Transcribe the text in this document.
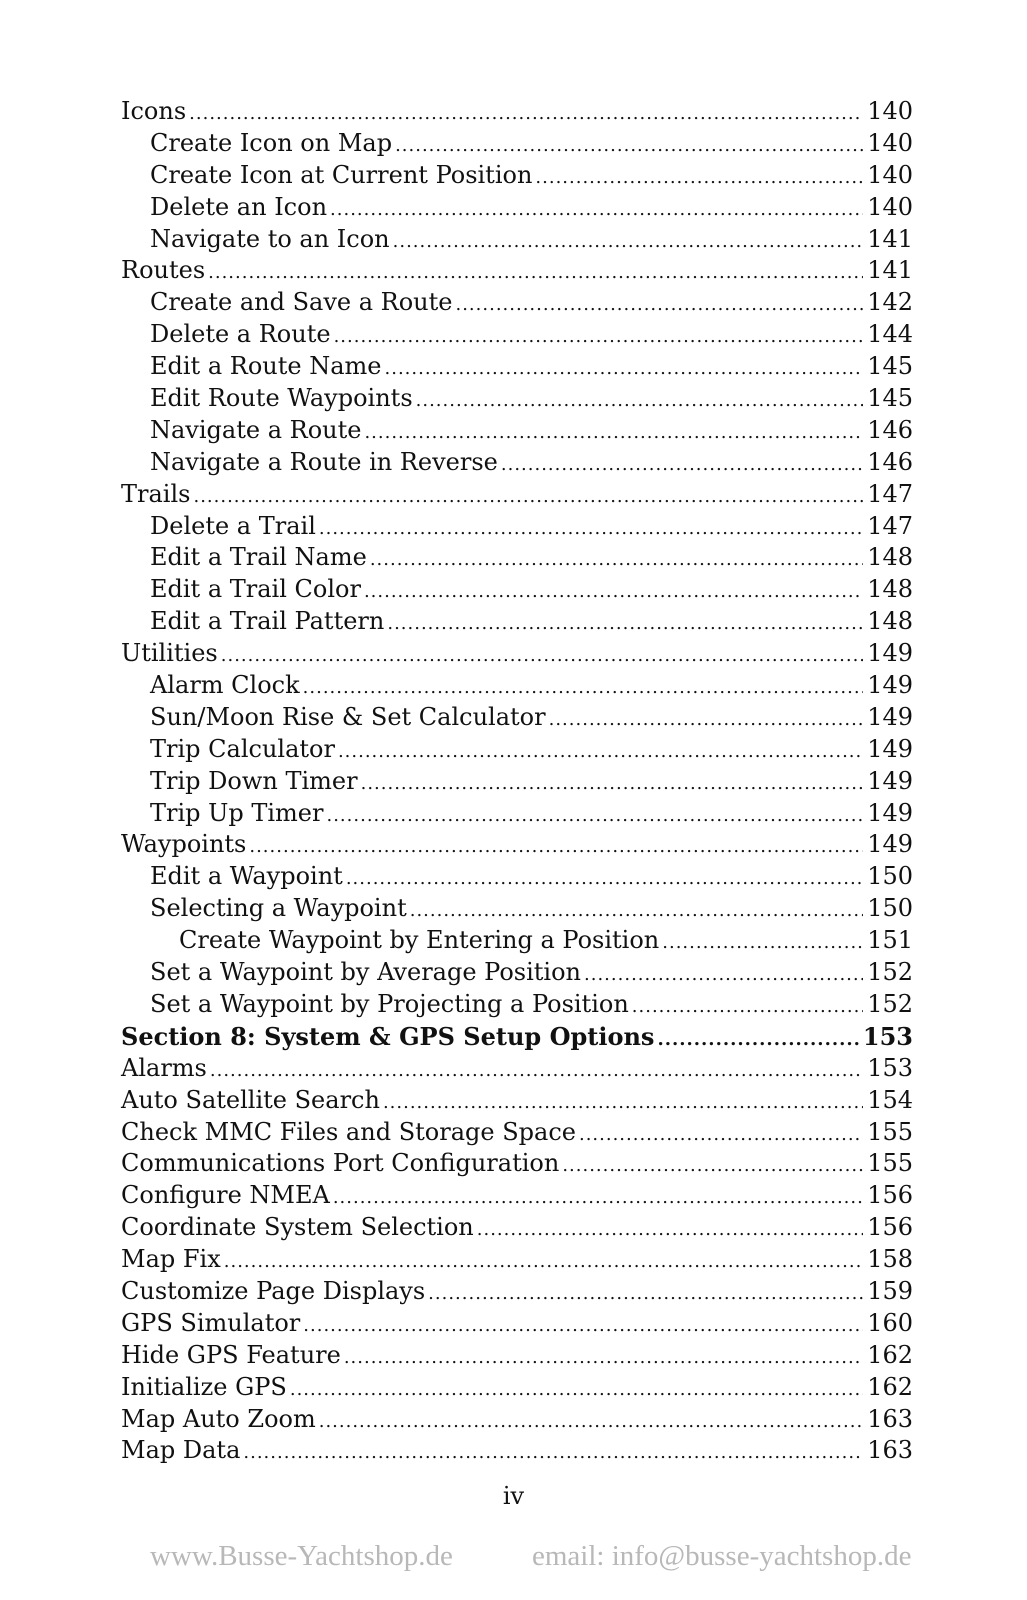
Icons .....	140
Create Icon on Map .....	140
Create Icon at Current Position .....	140
Delete an Icon .....	140
Navigate to an Icon .....	141
Routes .....	141
Create and Save a Route .....	142
Delete a Route .....	144
Edit a Route Name .....	145
Edit Route Waypoints .....	145
Navigate a Route .....	146
Navigate a Route in Reverse .....	146
Trails .....	147
Delete a Trail .....	147
Edit a Trail Name .....	148
Edit a Trail Color .....	148
Edit a Trail Pattern .....	148
Utilities .....	149
Alarm Clock .....	149
Sun/Moon Rise & Set Calculator .....	149
Trip Calculator .....	149
Trip Down Timer .....	149
Trip Up Timer .....	149
Waypoints .....	149
Edit a Waypoint .....	150
Selecting a Waypoint .....	150
Create Waypoint by Entering a Position .....	151
Set a Waypoint by Average Position .....	152
Set a Waypoint by Projecting a Position .....	152
Section 8: System & GPS Setup Options .....	153
Alarms .....	153
Auto Satellite Search .....	154
Check MMC Files and Storage Space .....	155
Communications Port Configuration .....	155
Configure NMEA .....	156
Coordinate System Selection .....	156
Map Fix .....	158
Customize Page Displays .....	159
GPS Simulator .....	160
Hide GPS Feature .....	162
Initialize GPS .....	162
Map Auto Zoom .....	163
Map Data .....	163
iv
www.Busse-Yachtshop.de	email: info@busse-yachtshop.de
